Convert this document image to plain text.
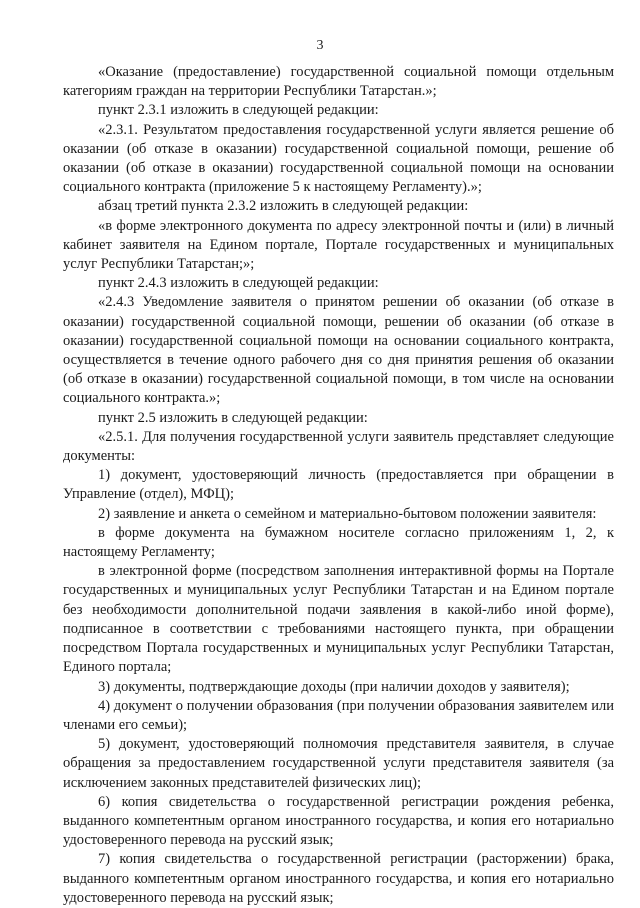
3

«Оказание (предоставление) государственной социальной помощи отдельным категориям граждан на территории Республики Татарстан.»;

пункт 2.3.1 изложить в следующей редакции:

«2.3.1. Результатом предоставления государственной услуги является решение об оказании (об отказе в оказании) государственной социальной помощи, решение об оказании (об отказе в оказании) государственной социальной помощи на основании социального контракта (приложение 5 к настоящему Регламенту).»;

абзац третий пункта 2.3.2 изложить в следующей редакции:

«в форме электронного документа по адресу электронной почты и (или) в личный кабинет заявителя на Едином портале, Портале государственных и муниципальных услуг Республики Татарстан;»;

пункт 2.4.3 изложить в следующей редакции:

«2.4.3 Уведомление заявителя о принятом решении об оказании (об отказе в оказании) государственной социальной помощи, решении об оказании (об отказе в оказании) государственной социальной помощи на основании социального контракта, осуществляется в течение одного рабочего дня со дня принятия решения об оказании (об отказе в оказании) государственной социальной помощи, в том числе на основании социального контракта.»;

пункт 2.5 изложить в следующей редакции:

«2.5.1. Для получения государственной услуги заявитель представляет следующие документы:

1) документ, удостоверяющий личность (предоставляется при обращении в Управление (отдел), МФЦ);

2) заявление и анкета о семейном и материально-бытовом положении заявителя:

в форме документа на бумажном носителе согласно приложениям 1, 2, к настоящему Регламенту;

в электронной форме (посредством заполнения интерактивной формы на Портале государственных и муниципальных услуг Республики Татарстан и на Едином портале без необходимости дополнительной подачи заявления в какой-либо иной форме), подписанное в соответствии с требованиями настоящего пункта, при обращении посредством Портала государственных и муниципальных услуг Республики Татарстан, Единого портала;

3) документы, подтверждающие доходы (при наличии доходов у заявителя);

4) документ о получении образования (при получении образования заявителем или членами его семьи);

5) документ, удостоверяющий полномочия представителя заявителя, в случае обращения за предоставлением государственной услуги представителя заявителя (за исключением законных представителей физических лиц);

6) копия свидетельства о государственной регистрации рождения ребенка, выданного компетентным органом иностранного государства, и копия его нотариально удостоверенного перевода на русский язык;

7) копия свидетельства о государственной регистрации (расторжении) брака, выданного компетентным органом иностранного государства, и копия его нотариально удостоверенного перевода на русский язык;
